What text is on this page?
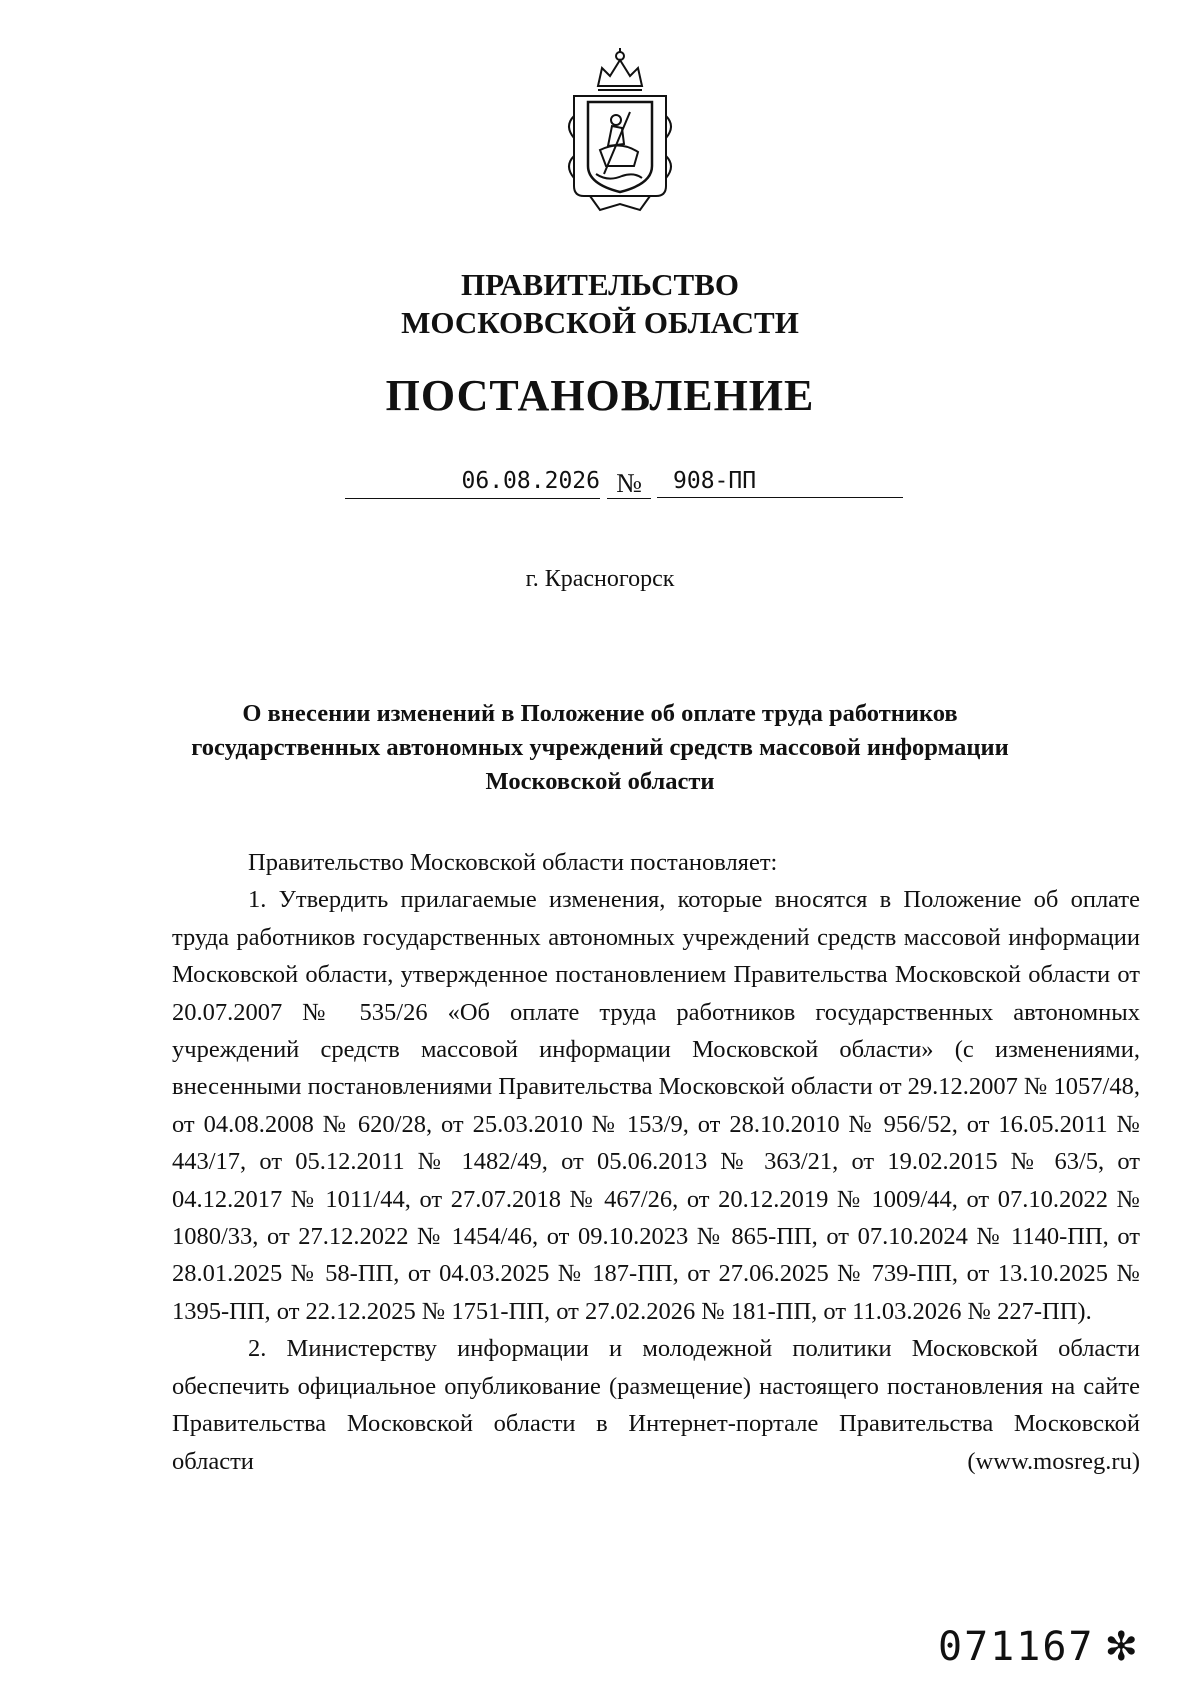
ПРАВИТЕЛЬСТВО
МОСКОВСКОЙ ОБЛАСТИ
ПОСТАНОВЛЕНИЕ
06.08.2026 №	908-ПП
г. Красногорск
О внесении изменений в Положение об оплате труда работников государственных автономных учреждений средств массовой информации Московской области

Правительство Московской области постановляет:

1. Утвердить прилагаемые изменения, которые вносятся в Положение об оплате труда работников государственных автономных учреждений средств массовой информации Московской области, утвержденное постановлением Правительства Московской области от 20.07.2007 № 535/26 «Об оплате труда работников государственных автономных учреждений средств массовой информации Московской области» (с изменениями, внесенными постановлениями Правительства Московской области от 29.12.2007 № 1057/48, от 04.08.2008 № 620/28, от 25.03.2010 № 153/9, от 28.10.2010 № 956/52, от 16.05.2011 № 443/17, от 05.12.2011 № 1482/49, от 05.06.2013 № 363/21, от 19.02.2015 № 63/5, от 04.12.2017 № 1011/44, от 27.07.2018 № 467/26, от 20.12.2019 № 1009/44, от 07.10.2022 № 1080/33, от 27.12.2022 № 1454/46, от 09.10.2023 № 865-ПП, от 07.10.2024 № 1140-ПП, от 28.01.2025 № 58-ПП, от 04.03.2025 № 187-ПП, от 27.06.2025 № 739-ПП, от 13.10.2025 № 1395-ПП, от 22.12.2025 № 1751-ПП, от 27.02.2026 № 181-ПП, от 11.03.2026 № 227-ПП).

2. Министерству информации и молодежной политики Московской области обеспечить официальное опубликование (размещение) настоящего постановления на сайте Правительства Московской области в Интернет-портале Правительства Московской области (www.mosreg.ru)

071167 ✻
